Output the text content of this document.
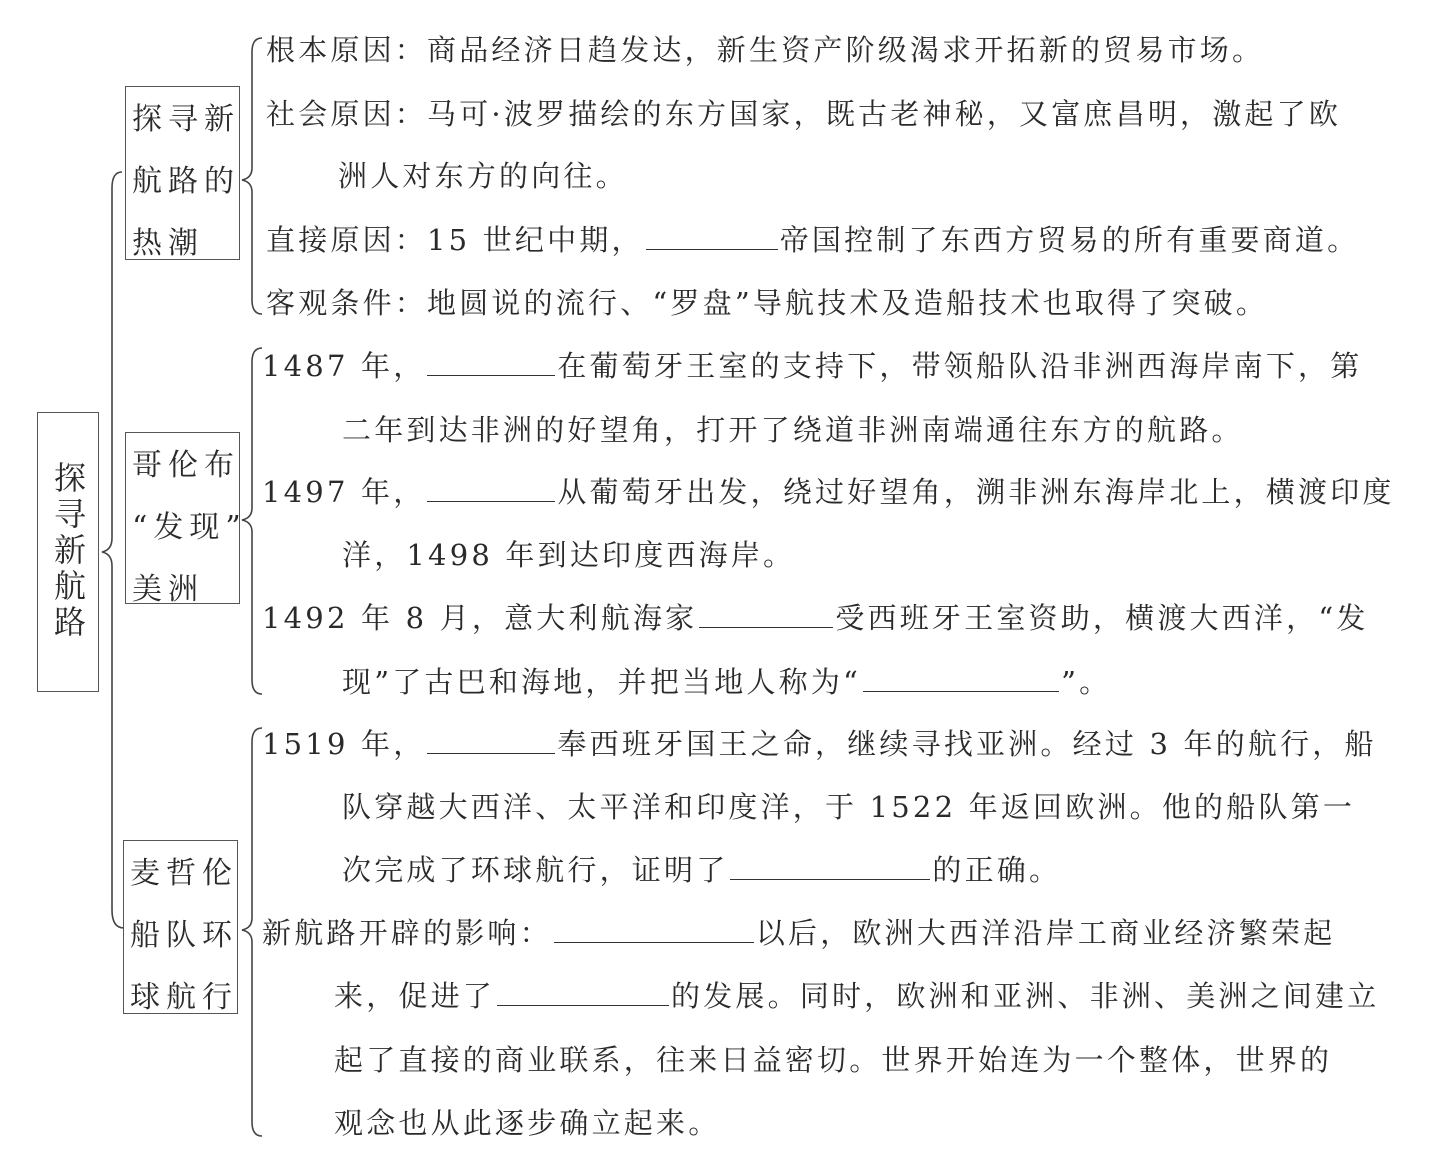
探寻新航路
探寻新
航路的
热潮
哥伦布
“发现”
美洲
麦哲伦
船队环
球航行
根本原因：商品经济日趋发达，新生资产阶级渴求开拓新的贸易市场。
社会原因：马可·波罗描绘的东方国家，既古老神秘，又富庶昌明，激起了欧
洲人对东方的向往。
直接原因：15 世纪中期，	帝国控制了东西方贸易的所有重要商道。
客观条件：地圆说的流行、“罗盘”导航技术及造船技术也取得了突破。
1487 年，	在葡萄牙王室的支持下，带领船队沿非洲西海岸南下，第
二年到达非洲的好望角，打开了绕道非洲南端通往东方的航路。
1497 年，	从葡萄牙出发，绕过好望角，溯非洲东海岸北上，横渡印度
洋，1498 年到达印度西海岸。
1492 年 8 月，意大利航海家	受西班牙王室资助，横渡大西洋，“发
现”了古巴和海地，并把当地人称为“	”。
1519 年，	奉西班牙国王之命，继续寻找亚洲。经过 3 年的航行，船
队穿越大西洋、太平洋和印度洋，于 1522 年返回欧洲。他的船队第一
次完成了环球航行，证明了	的正确。
新航路开辟的影响：	以后，欧洲大西洋沿岸工商业经济繁荣起
来，促进了	的发展。同时，欧洲和亚洲、非洲、美洲之间建立
起了直接的商业联系，往来日益密切。世界开始连为一个整体，世界的
观念也从此逐步确立起来。
